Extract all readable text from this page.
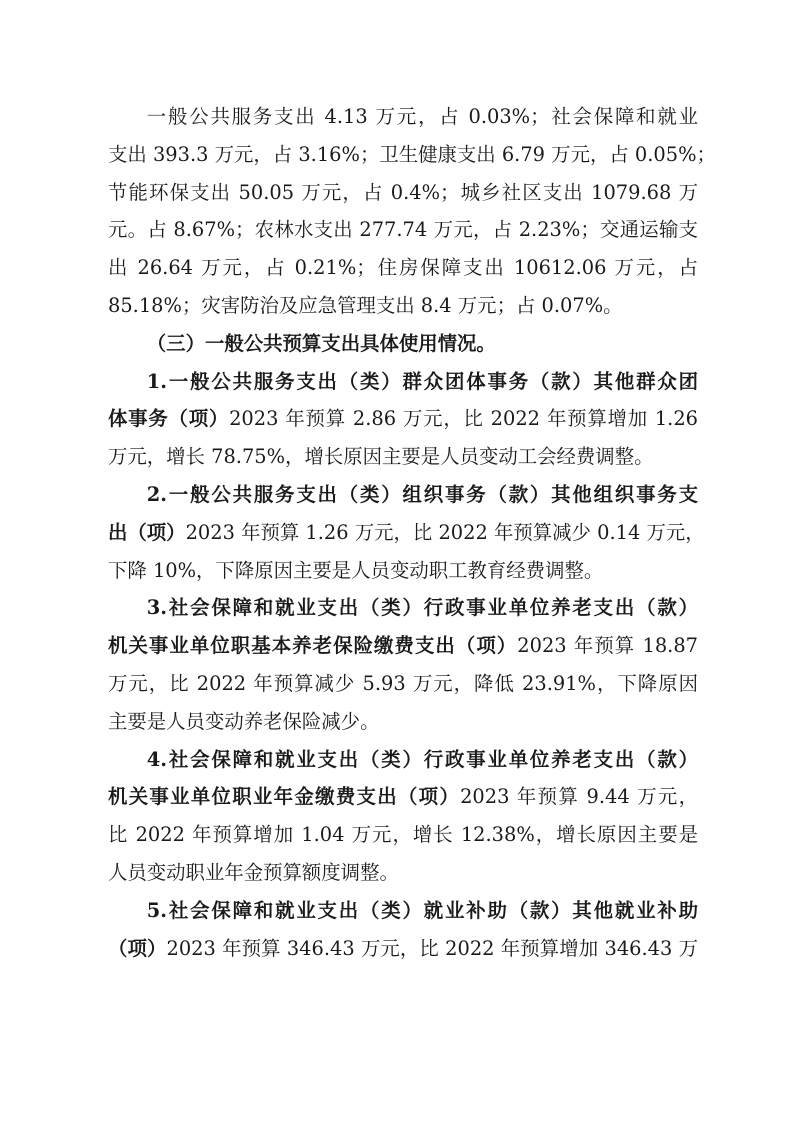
一般公共服务支出 4.13 万元，占 0.03%；社会保障和就业
支出 393.3 万元，占 3.16%；卫生健康支出 6.79 万元，占 0.05%；
节能环保支出 50.05 万元，占 0.4%；城乡社区支出 1079.68 万
元。占 8.67%；农林水支出 277.74 万元，占 2.23%；交通运输支
出 26.64 万元，占 0.21%；住房保障支出 10612.06 万元，占
85.18%；灾害防治及应急管理支出 8.4 万元；占 0.07%。

（三）一般公共预算支出具体使用情况。

1.一般公共服务支出（类）群众团体事务（款）其他群众团
体事务（项）2023 年预算 2.86 万元，比 2022 年预算增加 1.26
万元，增长 78.75%，增长原因主要是人员变动工会经费调整。

2.一般公共服务支出（类）组织事务（款）其他组织事务支
出（项）2023 年预算 1.26 万元，比 2022 年预算减少 0.14 万元，
下降 10%，下降原因主要是人员变动职工教育经费调整。

3.社会保障和就业支出（类）行政事业单位养老支出（款）
机关事业单位职基本养老保险缴费支出（项）2023 年预算 18.87
万元，比 2022 年预算减少 5.93 万元，降低 23.91%，下降原因
主要是人员变动养老保险减少。

4.社会保障和就业支出（类）行政事业单位养老支出（款）
机关事业单位职业年金缴费支出（项）2023 年预算 9.44 万元，
比 2022 年预算增加 1.04 万元，增长 12.38%，增长原因主要是
人员变动职业年金预算额度调整。

5.社会保障和就业支出（类）就业补助（款）其他就业补助
（项）2023 年预算 346.43 万元，比 2022 年预算增加 346.43 万
